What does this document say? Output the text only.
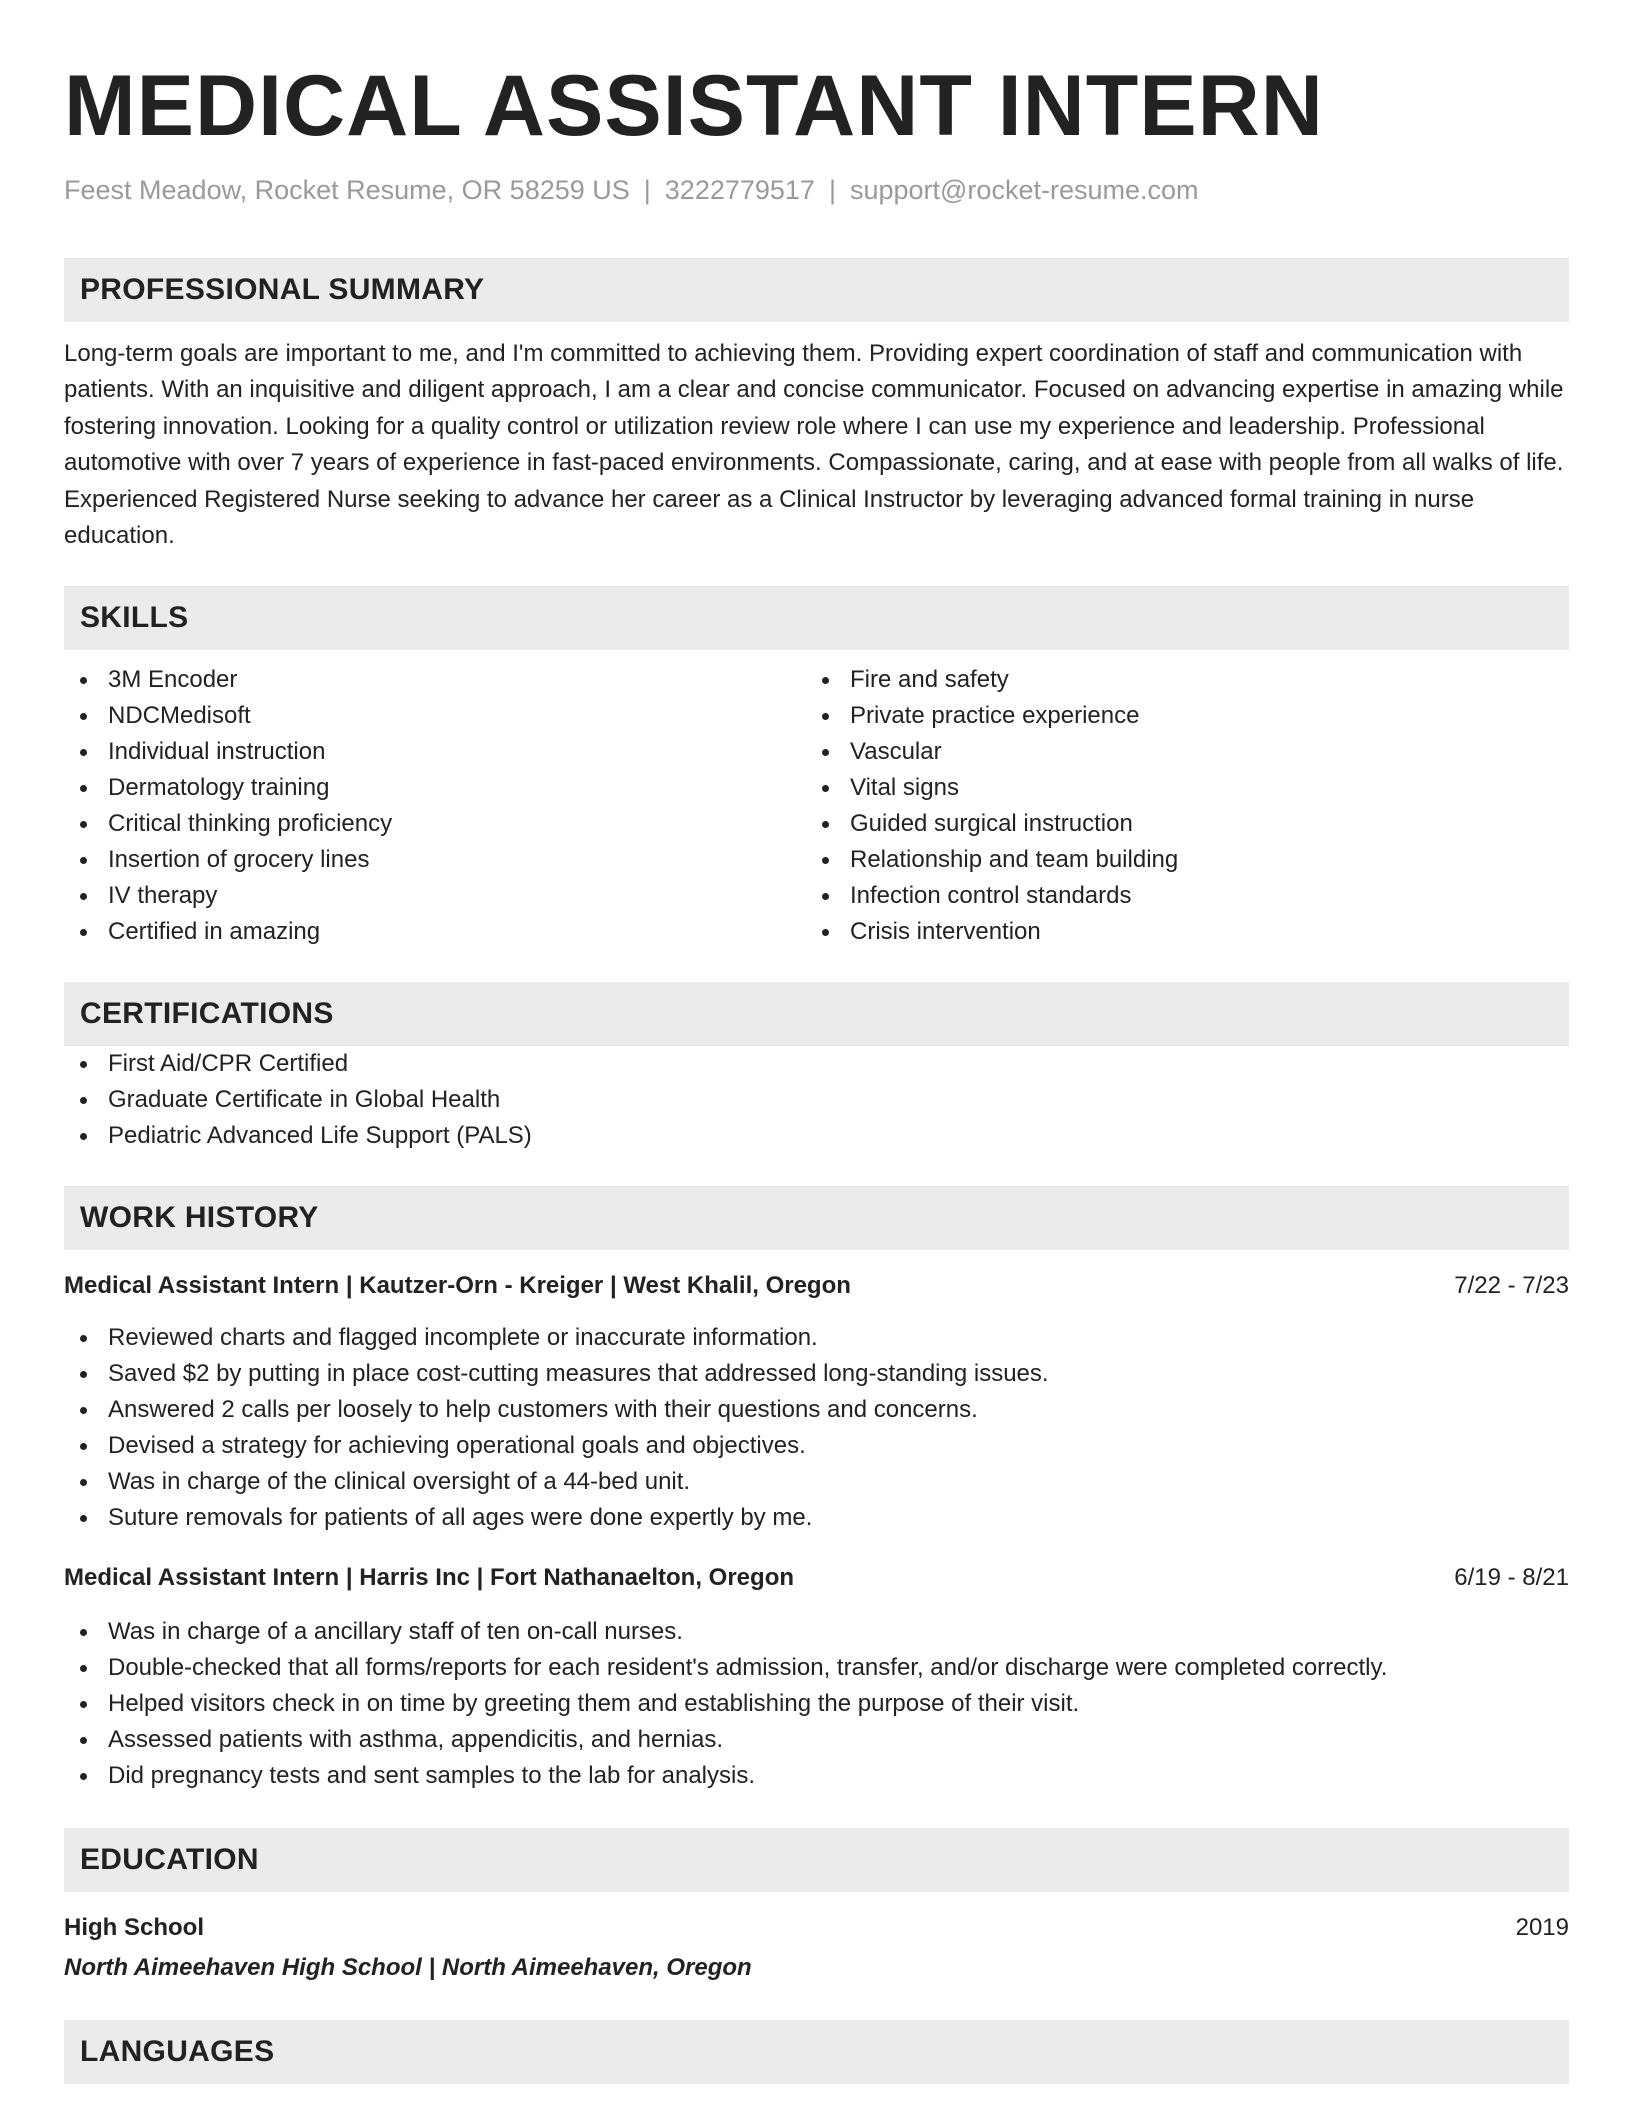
MEDICAL ASSISTANT INTERN
Feest Meadow, Rocket Resume, OR 58259 US | 3222779517 | support@rocket-resume.com
PROFESSIONAL SUMMARY

Long-term goals are important to me, and I'm committed to achieving them. Providing expert coordination of staff and communication with patients. With an inquisitive and diligent approach, I am a clear and concise communicator. Focused on advancing expertise in amazing while fostering innovation. Looking for a quality control or utilization review role where I can use my experience and leadership. Professional automotive with over 7 years of experience in fast-paced environments. Compassionate, caring, and at ease with people from all walks of life. Experienced Registered Nurse seeking to advance her career as a Clinical Instructor by leveraging advanced formal training in nurse education.

SKILLS
3M Encoder
NDCMedisoft
Individual instruction
Dermatology training
Critical thinking proficiency
Insertion of grocery lines
IV therapy
Certified in amazing
Fire and safety
Private practice experience
Vascular
Vital signs
Guided surgical instruction
Relationship and team building
Infection control standards
Crisis intervention
CERTIFICATIONS
First Aid/CPR Certified
Graduate Certificate in Global Health
Pediatric Advanced Life Support (PALS)
WORK HISTORY
Medical Assistant Intern | Kautzer-Orn - Kreiger | West Khalil, Oregon	7/22 - 7/23
Reviewed charts and flagged incomplete or inaccurate information.
Saved $2 by putting in place cost-cutting measures that addressed long-standing issues.
Answered 2 calls per loosely to help customers with their questions and concerns.
Devised a strategy for achieving operational goals and objectives.
Was in charge of the clinical oversight of a 44-bed unit.
Suture removals for patients of all ages were done expertly by me.
Medical Assistant Intern | Harris Inc | Fort Nathanaelton, Oregon	6/19 - 8/21
Was in charge of a ancillary staff of ten on-call nurses.
Double-checked that all forms/reports for each resident's admission, transfer, and/or discharge were completed correctly.
Helped visitors check in on time by greeting them and establishing the purpose of their visit.
Assessed patients with asthma, appendicitis, and hernias.
Did pregnancy tests and sent samples to the lab for analysis.
EDUCATION
High School	2019
North Aimeehaven High School | North Aimeehaven, Oregon
LANGUAGES
